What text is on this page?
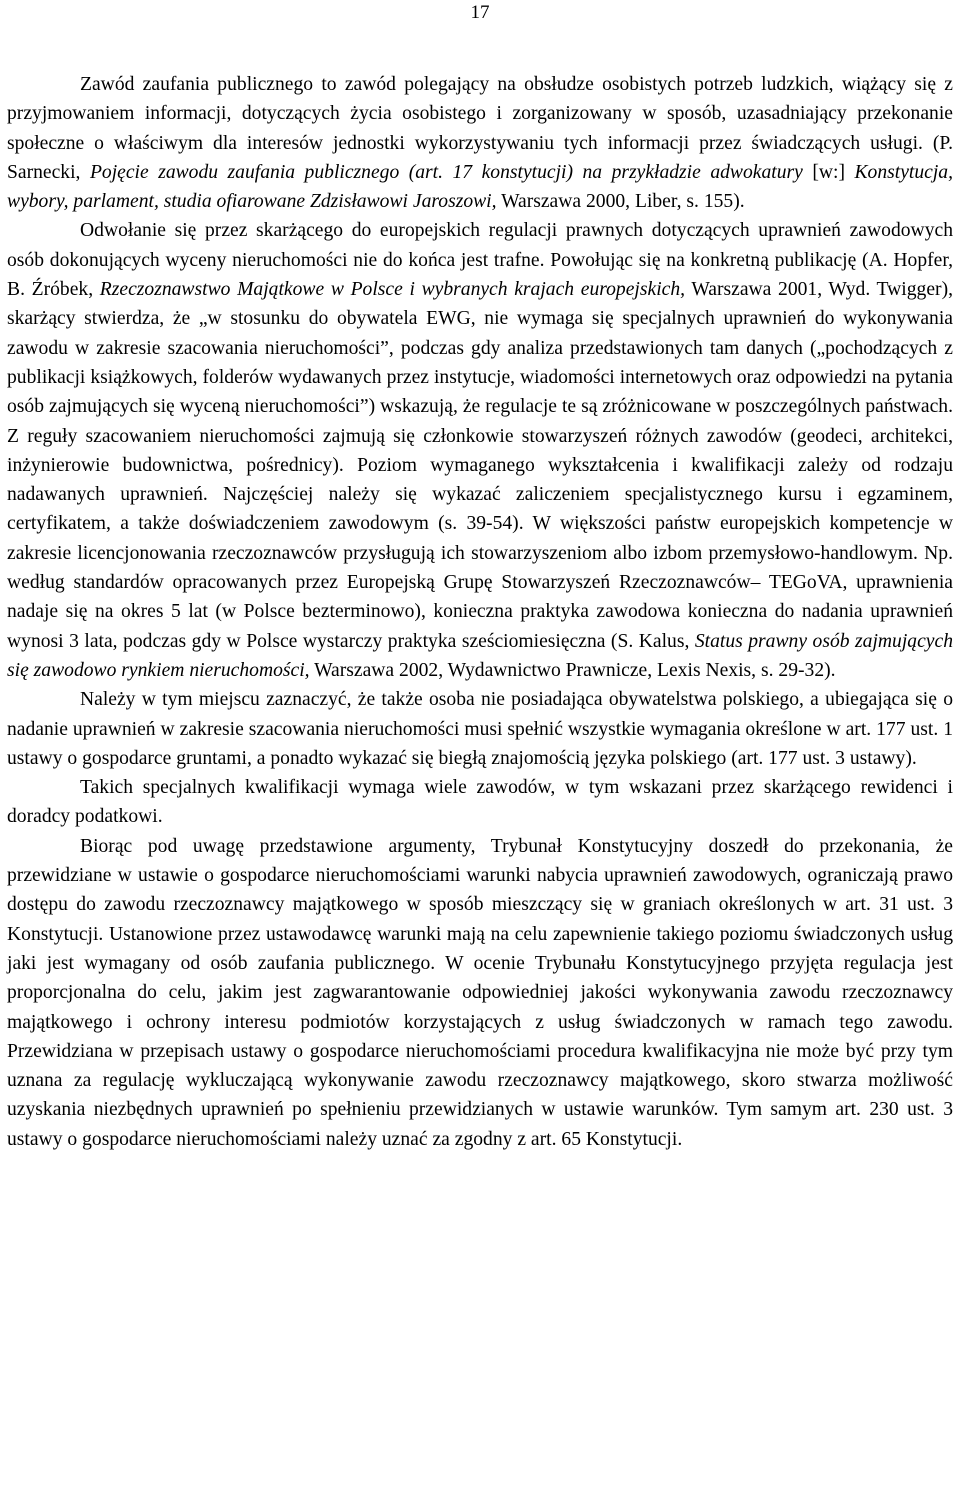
17

Zawód zaufania publicznego to zawód polegający na obsłudze osobistych potrzeb ludzkich, wiążący się z przyjmowaniem informacji, dotyczących życia osobistego i zorganizowany w sposób, uzasadniający przekonanie społeczne o właściwym dla interesów jednostki wykorzystywaniu tych informacji przez świadczących usługi. (P. Sarnecki, Pojęcie zawodu zaufania publicznego (art. 17 konstytucji) na przykładzie adwokatury [w:] Konstytucja, wybory, parlament, studia ofiarowane Zdzisławowi Jaroszowi, Warszawa 2000, Liber, s. 155).

Odwołanie się przez skarżącego do europejskich regulacji prawnych dotyczących uprawnień zawodowych osób dokonujących wyceny nieruchomości nie do końca jest trafne. Powołując się na konkretną publikację (A. Hopfer, B. Źróbek, Rzeczoznawstwo Majątkowe w Polsce i wybranych krajach europejskich, Warszawa 2001, Wyd. Twigger), skarżący stwierdza, że „w stosunku do obywatela EWG, nie wymaga się specjalnych uprawnień do wykonywania zawodu w zakresie szacowania nieruchomości”, podczas gdy analiza przedstawionych tam danych („pochodzących z publikacji książkowych, folderów wydawanych przez instytucje, wiadomości internetowych oraz odpowiedzi na pytania osób zajmujących się wyceną nieruchomości”) wskazują, że regulacje te są zróżnicowane w poszczególnych państwach. Z reguły szacowaniem nieruchomości zajmują się członkowie stowarzyszeń różnych zawodów (geodeci, architekci, inżynierowie budownictwa, pośrednicy). Poziom wymaganego wykształcenia i kwalifikacji zależy od rodzaju nadawanych uprawnień. Najczęściej należy się wykazać zaliczeniem specjalistycznego kursu i egzaminem, certyfikatem, a także doświadczeniem zawodowym (s. 39-54). W większości państw europejskich kompetencje w zakresie licencjonowania rzeczoznawców przysługują ich stowarzyszeniom albo izbom przemysłowo-handlowym. Np. według standardów opracowanych przez Europejską Grupę Stowarzyszeń Rzeczoznawców– TEGoVA, uprawnienia nadaje się na okres 5 lat (w Polsce bezterminowo), konieczna praktyka zawodowa konieczna do nadania uprawnień wynosi 3 lata, podczas gdy w Polsce wystarczy praktyka sześciomiesięczna (S. Kalus, Status prawny osób zajmujących się zawodowo rynkiem nieruchomości, Warszawa 2002, Wydawnictwo Prawnicze, Lexis Nexis, s. 29-32).

Należy w tym miejscu zaznaczyć, że także osoba nie posiadająca obywatelstwa polskiego, a ubiegająca się o nadanie uprawnień w zakresie szacowania nieruchomości musi spełnić wszystkie wymagania określone w art. 177 ust. 1 ustawy o gospodarce gruntami, a ponadto wykazać się biegłą znajomością języka polskiego (art. 177 ust. 3 ustawy).

Takich specjalnych kwalifikacji wymaga wiele zawodów, w tym wskazani przez skarżącego rewidenci i doradcy podatkowi.

Biorąc pod uwagę przedstawione argumenty, Trybunał Konstytucyjny doszedł do przekonania, że przewidziane w ustawie o gospodarce nieruchomościami warunki nabycia uprawnień zawodowych, ograniczają prawo dostępu do zawodu rzeczoznawcy majątkowego w sposób mieszczący się w graniach określonych w art. 31 ust. 3 Konstytucji. Ustanowione przez ustawodawcę warunki mają na celu zapewnienie takiego poziomu świadczonych usług jaki jest wymagany od osób zaufania publicznego. W ocenie Trybunału Konstytucyjnego przyjęta regulacja jest proporcjonalna do celu, jakim jest zagwarantowanie odpowiedniej jakości wykonywania zawodu rzeczoznawcy majątkowego i ochrony interesu podmiotów korzystających z usług świadczonych w ramach tego zawodu. Przewidziana w przepisach ustawy o gospodarce nieruchomościami procedura kwalifikacyjna nie może być przy tym uznana za regulację wykluczającą wykonywanie zawodu rzeczoznawcy majątkowego, skoro stwarza możliwość uzyskania niezbędnych uprawnień po spełnieniu przewidzianych w ustawie warunków. Tym samym art. 230 ust. 3 ustawy o gospodarce nieruchomościami należy uznać za zgodny z art. 65 Konstytucji.
